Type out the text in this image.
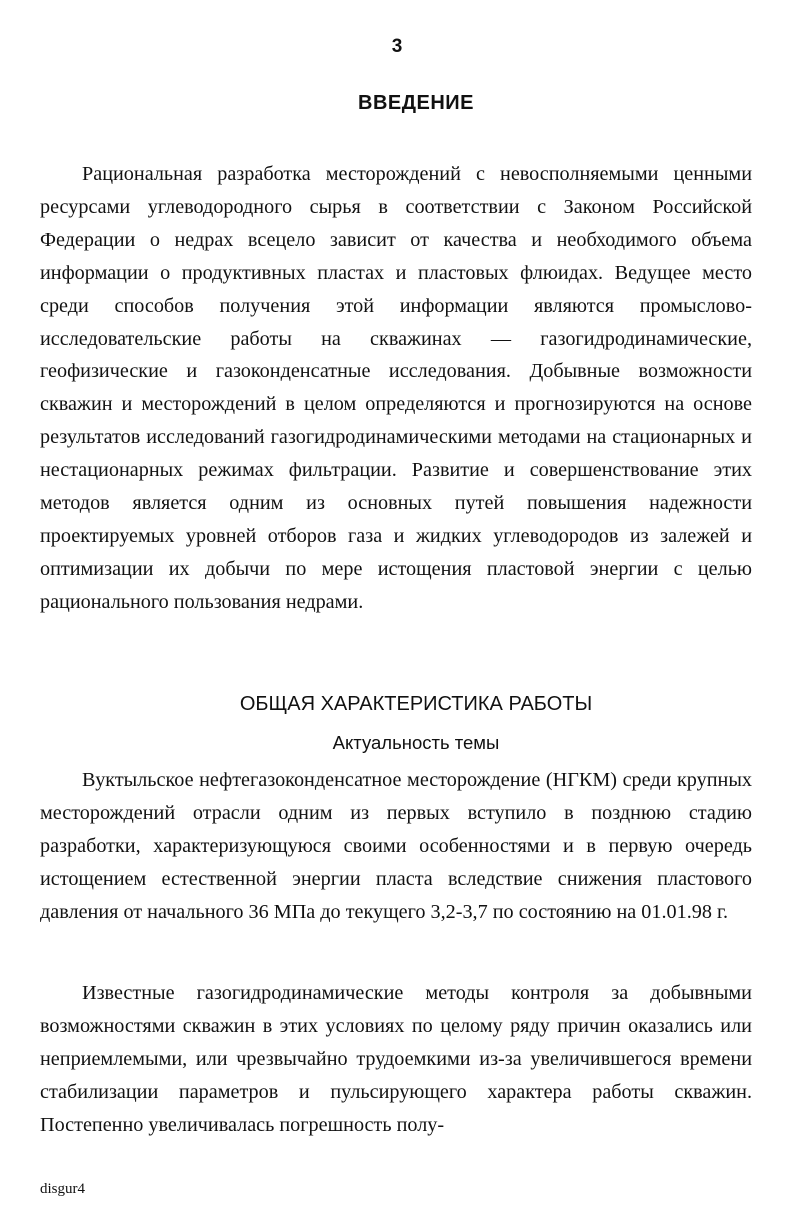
3

ВВЕДЕНИЕ

Рациональная разработка месторождений с невосполняемыми ценными ресурсами углеводородного сырья в соответствии с Законом Российской Федерации о недрах всецело зависит от качества и необходимого объема информации о продуктивных пластах и пластовых флюидах. Ведущее место среди способов получения этой информации являются промыслово-исследовательские работы на скважинах — газогидродинамические, геофизические и газоконденсатные исследования. Добывные возможности скважин и месторождений в целом определяются и прогнозируются на основе результатов исследований газогидродинамическими методами на стационарных и нестационарных режимах фильтрации. Развитие и совершенствование этих методов является одним из основных путей повышения надежности проектируемых уровней отборов газа и жидких углеводородов из залежей и оптимизации их добычи по мере истощения пластовой энергии с целью рационального пользования недрами.

ОБЩАЯ ХАРАКТЕРИСТИКА РАБОТЫ
Актуальность темы

Вуктыльское нефтегазоконденсатное месторождение (НГКМ) среди крупных месторождений отрасли одним из первых вступило в позднюю стадию разработки, характеризующуюся своими особенностями и в первую очередь истощением естественной энергии пласта вследствие снижения пластового давления от начального 36 МПа до текущего 3,2-3,7 по состоянию на 01.01.98 г.

Известные газогидродинамические методы контроля за добывными возможностями скважин в этих условиях по целому ряду причин оказались или неприемлемыми, или чрезвычайно трудоемкими из-за увеличившегося времени стабилизации параметров и пульсирующего характера работы скважин. Постепенно увеличивалась погрешность полу-

disgur4
